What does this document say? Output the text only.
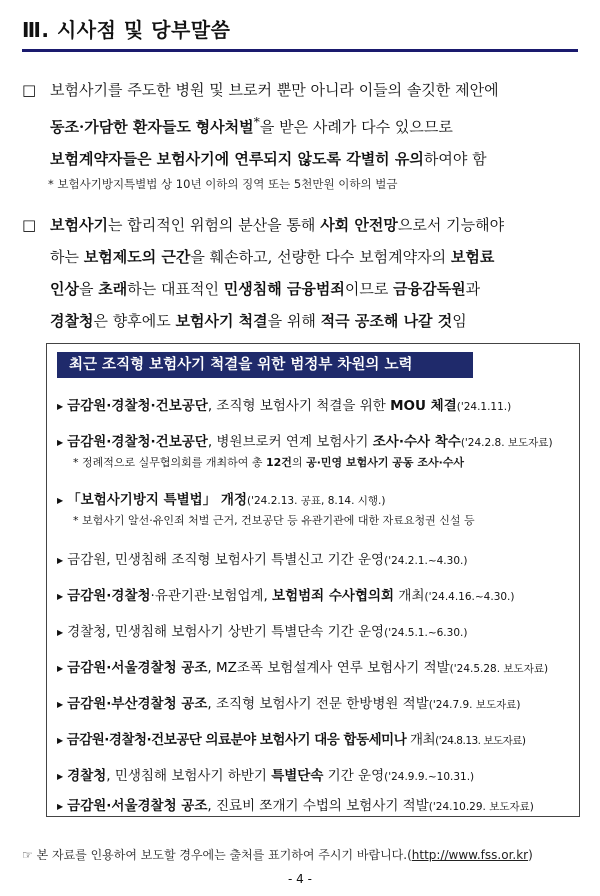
Ⅲ. 시사점 및 당부말씀
□ 보험사기를 주도한 병원 및 브로커 뿐만 아니라 이들의 솔깃한 제안에
동조·가담한 환자들도 형사처벌*을 받은 사례가 다수 있으므로
보험계약자들은 보험사기에 연루되지 않도록 각별히 유의하여야 함
* 보험사기방지특별법 상 10년 이하의 징역 또는 5천만원 이하의 벌금
□ 보험사기는 합리적인 위험의 분산을 통해 사회 안전망으로서 기능해야
하는 보험제도의 근간을 훼손하고, 선량한 다수 보험계약자의 보험료
인상을 초래하는 대표적인 민생침해 금융범죄이므로 금융감독원과
경찰청은 향후에도 보험사기 척결을 위해 적극 공조해 나갈 것임
최근 조직형 보험사기 척결을 위한 범정부 차원의 노력
▶ 금감원·경찰청·건보공단, 조직형 보험사기 척결을 위한 MOU 체결('24.1.11.)
▶ 금감원·경찰청·건보공단, 병원브로커 연계 보험사기 조사·수사 착수('24.2.8. 보도자료)
* 정례적으로 실무협의회를 개최하여 총 12건의 공·민영 보험사기 공동 조사·수사
▶ 「보험사기방지 특별법」 개정('24.2.13. 공표, 8.14. 시행.)
* 보험사기 알선·유인죄 처벌 근거, 건보공단 등 유관기관에 대한 자료요청권 신설 등
▶ 금감원, 민생침해 조직형 보험사기 특별신고 기간 운영('24.2.1.~4.30.)
▶ 금감원·경찰청·유관기관·보험업계, 보험범죄 수사협의회 개최('24.4.16.~4.30.)
▶ 경찰청, 민생침해 보험사기 상반기 특별단속 기간 운영('24.5.1.~6.30.)
▶ 금감원·서울경찰청 공조, MZ조폭 보험설계사 연루 보험사기 적발('24.5.28. 보도자료)
▶ 금감원·부산경찰청 공조, 조직형 보험사기 전문 한방병원 적발('24.7.9. 보도자료)
▶ 금감원·경찰청·건보공단 의료분야 보험사기 대응 합동세미나 개최('24.8.13. 보도자료)
▶ 경찰청, 민생침해 보험사기 하반기 특별단속 기간 운영('24.9.9.~10.31.)
▶ 금감원·서울경찰청 공조, 진료비 쪼개기 수법의 보험사기 적발('24.10.29. 보도자료)
☞ 본 자료를 인용하여 보도할 경우에는 출처를 표기하여 주시기 바랍니다.(http://www.fss.or.kr)
- 4 -
